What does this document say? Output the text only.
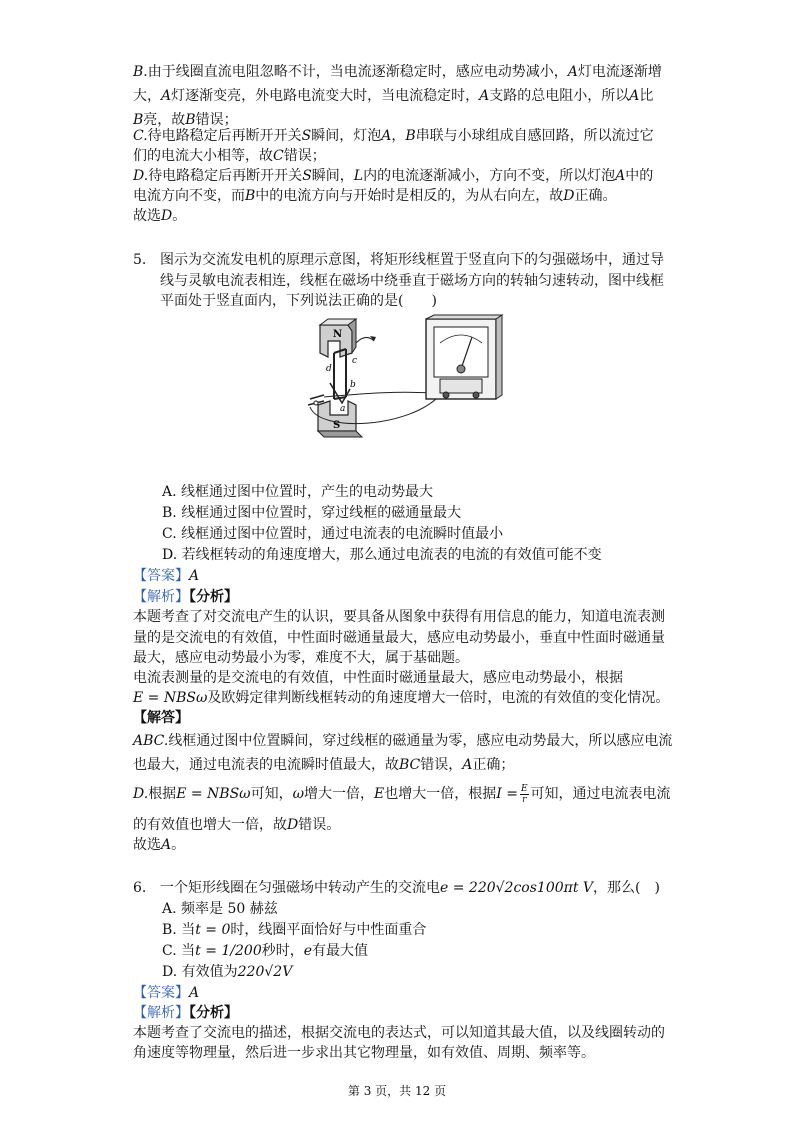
B.由于线圈直流电阻忽略不计，当电流逐渐稳定时，感应电动势减小，A灯电流逐渐增
大，A灯逐渐变亮，外电路电流变大时，当电流稳定时，A支路的总电阻小，所以A比
B亮，故B错误；
C.待电路稳定后再断开开关S瞬间，灯泡A，B串联与小球组成自感回路，所以流过它
们的电流大小相等，故C错误；
D.待电路稳定后再断开开关S瞬间，L内的电流逐渐减小，方向不变，所以灯泡A中的
电流方向不变，而B中的电流方向与开始时是相反的，为从右向左，故D正确。
故选D。
5. 图示为交流发电机的原理示意图，将矩形线框置于竖直向下的匀强磁场中，通过导
线与灵敏电流表相连，线框在磁场中绕垂直于磁场方向的转轴匀速转动，图中线框
平面处于竖直面内，下列说法正确的是(　　)
N
S
d
c
b
a
A. 线框通过图中位置时，产生的电动势最大
B. 线框通过图中位置时，穿过线框的磁通量最大
C. 线框通过图中位置时，通过电流表的电流瞬时值最小
D. 若线框转动的角速度增大，那么通过电流表的电流的有效值可能不变
【答案】A
【解析】【分析】
本题考查了对交流电产生的认识，要具备从图象中获得有用信息的能力，知道电流表测
量的是交流电的有效值，中性面时磁通量最大，感应电动势最小，垂直中性面时磁通量
最大，感应电动势最小为零，难度不大，属于基础题。
电流表测量的是交流电的有效值，中性面时磁通量最大，感应电动势最小，根据
E = NBSω及欧姆定律判断线框转动的角速度增大一倍时，电流的有效值的变化情况。
【解答】
ABC.线框通过图中位置瞬间，穿过线框的磁通量为零，感应电动势最大，所以感应电流
也最大，通过电流表的电流瞬时值最大，故BC错误，A正确；
D.根据E = NBSω可知，ω增大一倍，E也增大一倍，根据$I = \frac{E}{r}$ 可知，通过电流表电流
的有效值也增大一倍，故D错误。
故选A。
6. 一个矩形线圈在匀强磁场中转动产生的交流电e = 220√2cos100πt V，那么(　)
A. 频率是 50 赫兹
B. 当t = 0时，线圈平面恰好与中性面重合
C. 当t = 1/200秒时，e有最大值
D. 有效值为220√2V
【答案】A
【解析】【分析】
本题考查了交流电的描述，根据交流电的表达式，可以知道其最大值，以及线圈转动的
角速度等物理量，然后进一步求出其它物理量，如有效值、周期、频率等。
第 3 页，共 12 页
